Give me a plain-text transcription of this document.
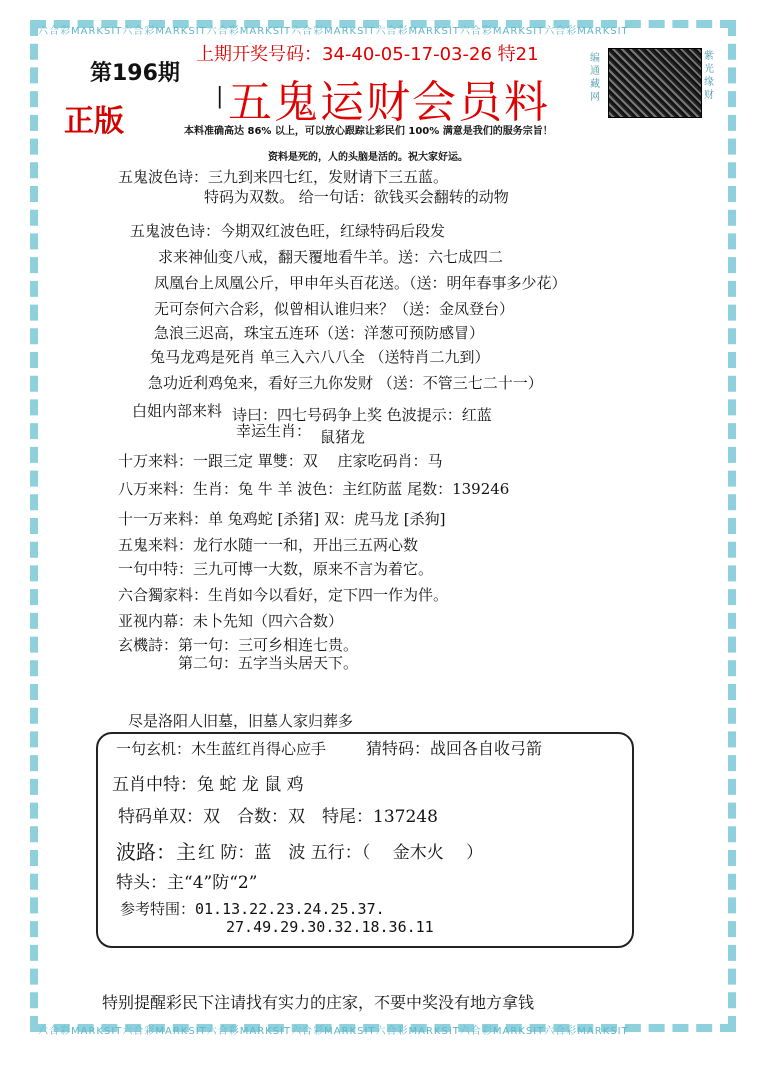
六合彩MARKSIT六合彩MARKSIT六合彩MARKSIT六合彩MARKSIT六合彩MARKSIT六合彩MARKSIT六合彩MARKSIT
六合彩MARKSIT六合彩MARKSIT六合彩MARKSIT六合彩MARKSIT六合彩MARKSIT六合彩MARKSIT六合彩MARKSIT
第196期
正版
上期开奖号码：34-40-05-17-03-26 特21
| 五鬼运财会员料
编通藏网
紫光缘财
本料准确高达 86% 以上，可以放心跟踪让彩民们 100% 满意是我们的服务宗旨！
资料是死的，人的头脑是活的。祝大家好运。
五鬼波色诗：三九到来四七红，发财请下三五蓝。
特码为双数。 给一句话：欲钱买会翻转的动物
五鬼波色诗：今期双红波色旺，红绿特码后段发
求来神仙变八戒，翻天覆地看牛羊。送：六七成四二
凤凰台上凤凰公斤，甲申年头百花送。（送：明年春事多少花）
无可奈何六合彩，似曾相认谁归来？（送：金凤登台）
急浪三迟高，珠宝五连环（送：洋葱可预防感冒）
兔马龙鸡是死肖 单三入六八八全 （送特肖二九到）
急功近利鸡兔来，看好三九你发财 （送：不管三七二十一）
白姐内部来料 诗曰：四七号码争上奖 色波提示：红蓝
幸运生肖： 鼠猪龙
十万来料：一跟三定 單雙：双　 庄家吃码肖：马
八万来料：生肖：兔 牛 羊 波色：主红防蓝 尾数：139246
十一万来料：单 兔鸡蛇 [杀猪] 双：虎马龙 [杀狗]
五鬼来料：龙行水随一一和，开出三五两心数
一句中特：三九可博一大数，原来不言为着它。
六合獨家料：生肖如今以看好，定下四一作为伴。
亚视内幕：未卜先知（四六合数）
玄機詩：第一句：三可乡相连七贵。
第二句：五字当头居天下。
尽是洛阳人旧墓，旧墓人家归葬多
一句玄机：木生蓝红肖得心应手 猜特码：战回各自收弓箭
五肖中特：兔 蛇 龙 鼠 鸡
特码单双：双　合数：双　特尾：137248
波路：主 红 防：蓝　波 五行：（　 金木火　 ）
特头：主“4”防“2”
参考特围：01.13.22.23.24.25.37.
27.49.29.30.32.18.36.11
特别提醒彩民下注请找有实力的庄家，不要中奖没有地方拿钱
